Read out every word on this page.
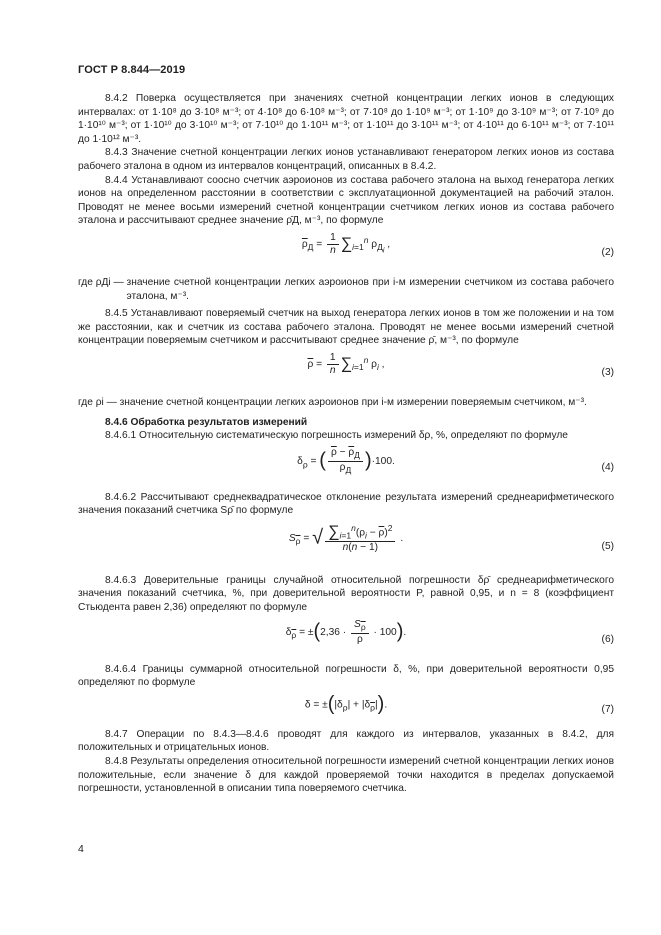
ГОСТ Р 8.844—2019

8.4.2 Поверка осуществляется при значениях счетной концентрации легких ионов в следующих интервалах: от 1·10⁸ до 3·10⁸ м⁻³; от 4·10⁸ до 6·10⁸ м⁻³; от 7·10⁸ до 1·10⁹ м⁻³; от 1·10⁹ до 3·10⁹ м⁻³; от 7·10⁹ до 1·10¹⁰ м⁻³; от 1·10¹⁰ до 3·10¹⁰ м⁻³; от 7·10¹⁰ до 1·10¹¹ м⁻³; от 1·10¹¹ до 3·10¹¹ м⁻³; от 4·10¹¹ до 6·10¹¹ м⁻³; от 7·10¹¹ до 1·10¹² м⁻³.

8.4.3 Значение счетной концентрации легких ионов устанавливают генератором легких ионов из состава рабочего эталона в одном из интервалов концентраций, описанных в 8.4.2.

8.4.4 Устанавливают соосно счетчик аэроионов из состава рабочего эталона на выход генератора легких ионов на определенном расстоянии в соответствии с эксплуатационной документацией на рабочий эталон. Проводят не менее восьми измерений счетной концентрации счетчиком легких ионов из состава рабочего эталона и рассчитывают среднее значение ρ̄Д, м⁻³, по формуле

$\overline{\rho}_Д = \frac{1}{n} \sum_{i=1}^n$ $\rho_{Д_i}$ ,
(2)
где ρДi —
значение счетной концентрации легких аэроионов при i-м измерении счетчиком из состава рабочего эталона, м⁻³.

8.4.5 Устанавливают поверяемый счетчик на выход генератора легких ионов в том же положении и на том же расстоянии, как и счетчик из состава рабочего эталона. Проводят не менее восьми измерений счетной концентрации поверяемым счетчиком и рассчитывают среднее значение ρ̄, м⁻³, по формуле

$\overline{\rho} = \frac{1}{n} \sum_{i=1}^n$ $\rho_i$ ,
(3)

где ρi — значение счетной концентрации легких аэроионов при i-м измерении поверяемым счетчиком, м⁻³.

8.4.6 Обработка результатов измерений

8.4.6.1 Относительную систематическую погрешность измерений δρ, %, определяют по формуле

$\delta_\rho$ = ( $\frac{\overline{\rho} - \overline{\rho}_Д}{\overline{\rho}_Д} )\cdot 100$.
(4)

8.4.6.2 Рассчитывают среднеквадратическое отклонение результата измерений среднеарифметического значения показаний счетчика Sρ̄ по формуле

$S_{\overline{\rho}}$ = √ $\frac{\sum_{i=1}^n(\rho_i - \overline{\rho})^2}{n(n - 1)}$ .
(5)

8.4.6.3 Доверительные границы случайной относительной погрешности δρ̄ среднеарифметического значения показаний счетчика, %, при доверительной вероятности P, равной 0,95, и n = 8 (коэффициент Стьюдента равен 2,36) определяют по формуле

$\delta_{\overline{\rho}} = \pm(2,36 \cdot \frac{S_{\overline{\rho}}}{\rho} \cdot 100)$.
(6)

8.4.6.4 Границы суммарной относительной погрешности δ, %, при доверительной вероятности 0,95 определяют по формуле

$\delta = \pm(|\delta_\rho| + |\delta_{\overline{\rho}}|)$.	(7)

8.4.7 Операции по 8.4.3—8.4.6 проводят для каждого из интервалов, указанных в 8.4.2, для положительных и отрицательных ионов.

8.4.8 Результаты определения относительной погрешности измерений счетной концентрации легких ионов положительные, если значение δ для каждой проверяемой точки находится в пределах допускаемой погрешности, установленной в описании типа поверяемого счетчика.

4
